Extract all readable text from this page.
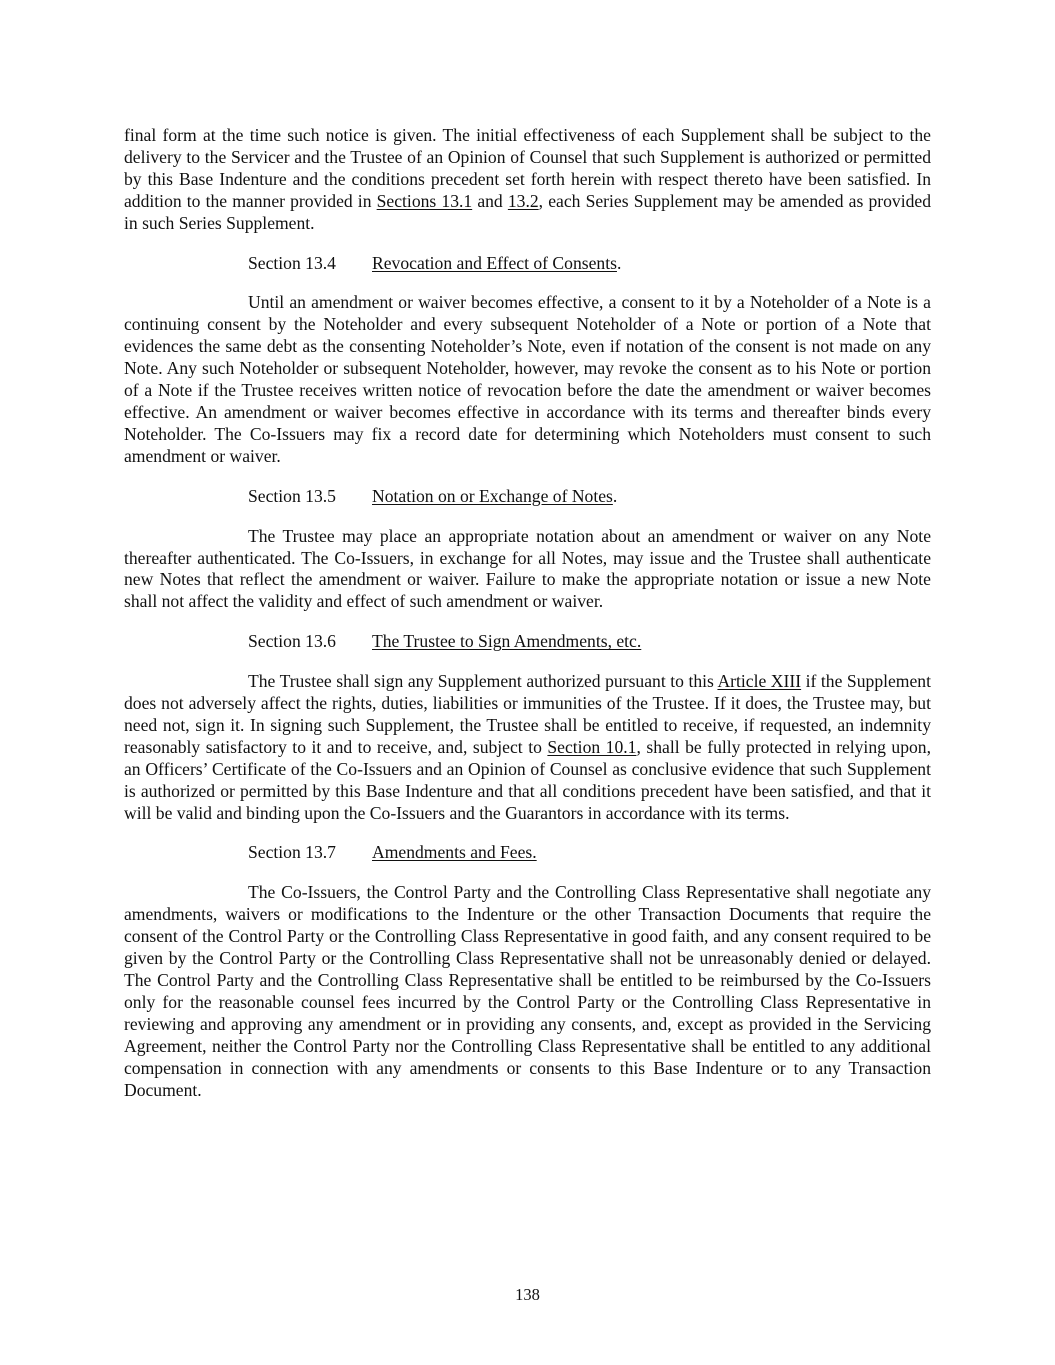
final form at the time such notice is given. The initial effectiveness of each Supplement shall be subject to the delivery to the Servicer and the Trustee of an Opinion of Counsel that such Supplement is authorized or permitted by this Base Indenture and the conditions precedent set forth herein with respect thereto have been satisfied. In addition to the manner provided in Sections 13.1 and 13.2, each Series Supplement may be amended as provided in such Series Supplement.

Section 13.4 Revocation and Effect of Consents.

Until an amendment or waiver becomes effective, a consent to it by a Noteholder of a Note is a continuing consent by the Noteholder and every subsequent Noteholder of a Note or portion of a Note that evidences the same debt as the consenting Noteholder’s Note, even if notation of the consent is not made on any Note. Any such Noteholder or subsequent Noteholder, however, may revoke the consent as to his Note or portion of a Note if the Trustee receives written notice of revocation before the date the amendment or waiver becomes effective. An amendment or waiver becomes effective in accordance with its terms and thereafter binds every Noteholder. The Co-Issuers may fix a record date for determining which Noteholders must consent to such amendment or waiver.

Section 13.5 Notation on or Exchange of Notes.

The Trustee may place an appropriate notation about an amendment or waiver on any Note thereafter authenticated. The Co-Issuers, in exchange for all Notes, may issue and the Trustee shall authenticate new Notes that reflect the amendment or waiver. Failure to make the appropriate notation or issue a new Note shall not affect the validity and effect of such amendment or waiver.

Section 13.6 The Trustee to Sign Amendments, etc.

The Trustee shall sign any Supplement authorized pursuant to this Article XIII if the Supplement does not adversely affect the rights, duties, liabilities or immunities of the Trustee. If it does, the Trustee may, but need not, sign it. In signing such Supplement, the Trustee shall be entitled to receive, if requested, an indemnity reasonably satisfactory to it and to receive, and, subject to Section 10.1, shall be fully protected in relying upon, an Officers’ Certificate of the Co-Issuers and an Opinion of Counsel as conclusive evidence that such Supplement is authorized or permitted by this Base Indenture and that all conditions precedent have been satisfied, and that it will be valid and binding upon the Co-Issuers and the Guarantors in accordance with its terms.

Section 13.7 Amendments and Fees.

The Co-Issuers, the Control Party and the Controlling Class Representative shall negotiate any amendments, waivers or modifications to the Indenture or the other Transaction Documents that require the consent of the Control Party or the Controlling Class Representative in good faith, and any consent required to be given by the Control Party or the Controlling Class Representative shall not be unreasonably denied or delayed. The Control Party and the Controlling Class Representative shall be entitled to be reimbursed by the Co-Issuers only for the reasonable counsel fees incurred by the Control Party or the Controlling Class Representative in reviewing and approving any amendment or in providing any consents, and, except as provided in the Servicing Agreement, neither the Control Party nor the Controlling Class Representative shall be entitled to any additional compensation in connection with any amendments or consents to this Base Indenture or to any Transaction Document.

138
